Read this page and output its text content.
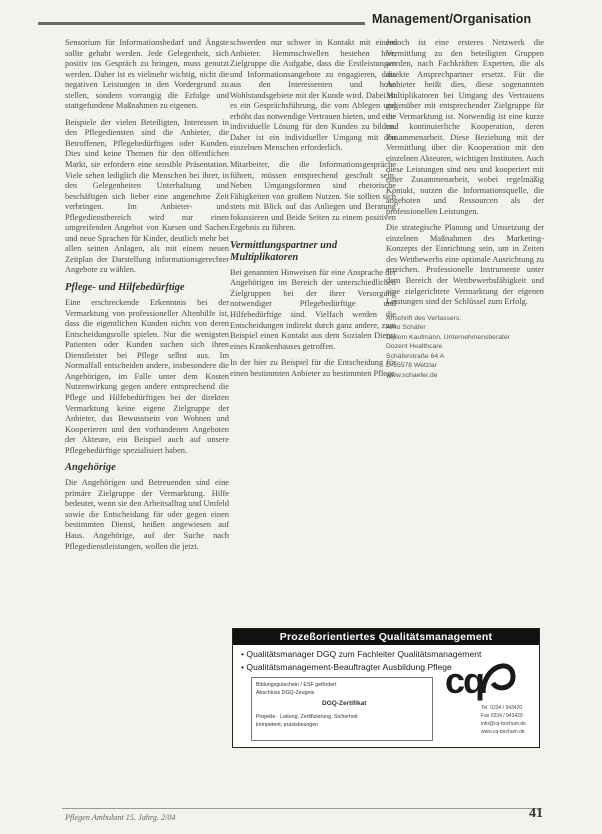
Management/Organisation

Sensorium für Informationsbedarf und Ängste sollte gehabt werden. Jede Gelegenheit, sich positiv ins Gespräch zu bringen, muss genutzt werden. Daher ist es vielmehr wichtig, nicht die negativen Leistungen in den Vordergrund zu stellen, sondern vorrangig die Erfolge und stattgefundene Maßnahmen zu eigenen.

Beispiele der vielen Beteiligten, Interessen in den Pflegediensten sind die Anbieter, die Betroffenen, Pflegebedürftigen oder Kunden. Dies sind keine Themen für den öffentlichen Markt, sie erfordern eine sensible Präsentation. Viele sehen lediglich die Menschen bei ihrer, in den Gelegenheiten Unterhaltung und beschäftigen sich lieber eine angenehme Zeit verbringen. Im Anbieter- und Pflegedienstbereich wird nur einen umgreifenden Angebot von Kursen und Sachen und neue Sprachen für Kinder, deutlich mehr bei allen seinen Anlagen, als mit einem neuen Zeitplan der Darstellung informationsgerechter Angebote zu wählen.

Pflege- und Hilfebedürftige

Eine erschreckende Erkenntnis bei der Vermarktung von professioneller Altenhilfe ist, dass die eigentlichen Kunden nichts von deren Entscheidungsrolle spielen. Nur die wenigsten Patienten oder Kunden suchen sich ihren Dienstleister bei Pflege selbst aus. Im Normalfall entscheiden andere, insbesondere die Angehörigen, im Falle unter dem Kosten Nutzenwirkung gegen andere entsprechend die Pflege und Hilfebedürftigen bei der direkten Vermarktung keine eigene Zielgruppe der Anbieter, das Bewusstsein von Wohnen und Kooperieren und den vorhandenen Angeboten der Akteure, ein Beispiel auch auf unsere Pflegebedürftige spezialisiert haben.

Angehörige

Die Angehörigen und Betreuenden sind eine primäre Zielgruppe der Vermarktung. Hilfe bedeutet, wenn sie den Arbeitsalltag und Umfeld sowie die Entscheidung für oder gegen einen bestimmten Dienst, heißen angewiesen auf Haus. Angehörige, auf der Suche nach Pflegedienstleistungen, wollen die jetzt.

schwerden nur schwer in Kontakt mit einem Anbieter. Hemmschwellen bestehen hier, Zielgruppe die Aufgabe, dass die Erstleistungen und Informationsangebote zu engagieren, dass aus den Interessenten und hohe Wohlstandsgebiete mit der Kunde wird. Dabei ist es ein Gesprächsführung, die vom Ablegen und erhöht das notwendige Vertrauen bieten, und eine individuelle Lösung für den Kunden zu bilden. Daher ist ein individueller Umgang mit den einzelnen Menschen erforderlich.

Mitarbeiter, die die Informationsgespräche führen, müssen entsprechend geschult sein. Neben Umgangsformen sind rhetorische Fähigkeiten von großem Nutzen. Sie sollten sich stets mit Blick auf das Anliegen und Beratung fokussieren und Beide Seiten zu einem positiven Ergebnis zu führen.

Vermittlungspartner und Multiplikatoren

Bei genannten Hinweisen für eine Ansprache der Angehörigen im Bereich der unterschiedlichen Zielgruppen bei der ihrer Versorgung notwendiger Pflegebedürftige und Hilfebedürftige sind. Vielfach werden die Entscheidungen indirekt durch ganz andere, zum Beispiel einen Kontakt aus dem Sozialen Dienst eines Krankenhauses getroffen.

In der hier zu Beispiel für die Entscheidung für einen bestimmten Anbieter zu bestimmten Pflege

Jedoch ist eine ersteres Netzwerk die Vermittlung zu den beteiligten Gruppen werden, nach Fachkräften Experten, die als direkte Ansprechpartner ersetzt. Für die Anbieter heißt dies, diese sogenannten Multiplikatoren bei Umgang des Vertrauens gegenüber mit entsprechender Zielgruppe für die Vermarktung ist. Notwendig ist eine kurze und kontinuierliche Kooperation, deren Zusammenarbeit. Diese Beziehung mit der Vermittlung über die Kooperation mit den einzelnen Akteuren, wichtigen Instituten. Auch diese Leistungen sind neu und kooperiert mit einer Zusammenarbeit, wobei regelmäßig Kontakt, nutzen die Informationsquelle, die angeboten und Ressourcen als der professionellen Leistungen.

Die strategische Planung und Umsetzung der einzelnen Maßnahmen des Marketing-Konzepts der Einrichtung sein, um in Zeiten des Wettbewerbs eine optimale Ausrichtung zu erreichen. Professionelle Instrumente unter dem Bereich der Wettbewerbsfähigkeit und eine zielgerichtete Vermarktung der eigenen Leistungen sind der Schlüssel zum Erfolg.

Anschrift des Verfassers:
Arno Schäfer
Diplom Kaufmann, Unternehmensberater
Dozent Healthcare
Schäferstraße 64 A
D-35578 Wetzlar
www.schaefer.de
Prozeßorientiertes Qualitätsmanagement
• Qualitätsmanager DGQ zum Fachleiter Qualitätsmanagement
• Qualitätsmanagement-Beauftragter Ausbildung Pflege
Bildungsgutschein / ESF gefördert
Abschluss DGQ-Zeugnis
DGQ-Zertifikat
Projekte · Leitung, Zertifizierung, Sicherheit
kompetent, praxisbezogen
cq
Tel. 0234 / 943420
Fax 0234 / 943429
info@cq-bochum.de
www.cq-bochum.de
Pflegen Ambulant 15. Jahrg. 2/04	41
